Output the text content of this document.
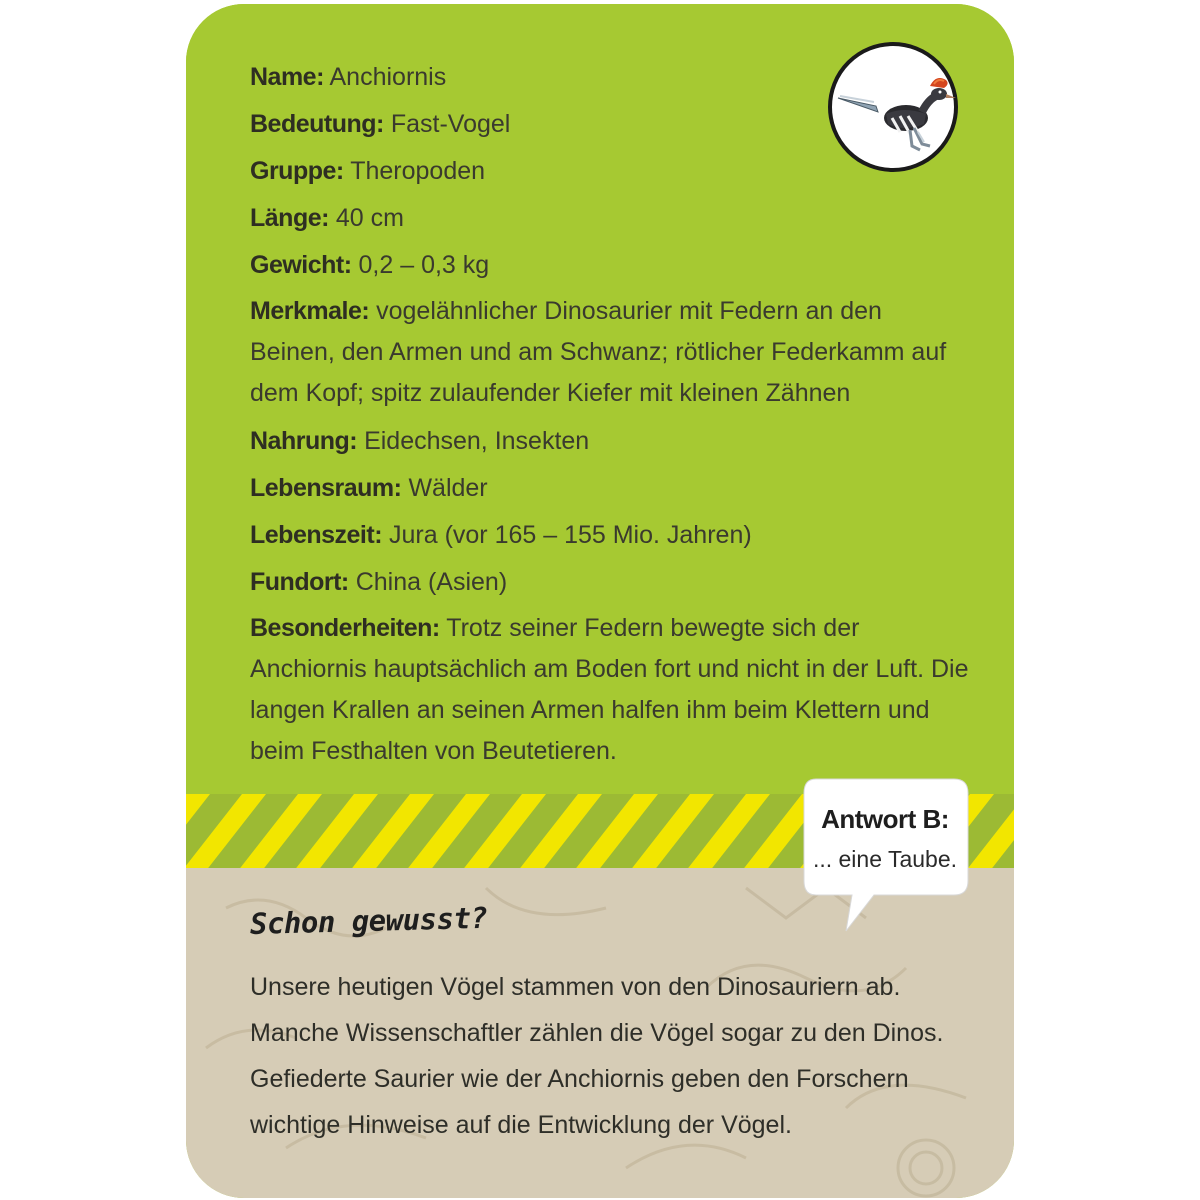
Name: Anchiornis
Bedeutung: Fast-Vogel
Gruppe: Theropoden
Länge: 40 cm
Gewicht: 0,2 – 0,3 kg
Merkmale: vogelähnlicher Dinosaurier mit Federn an den Beinen, den Armen und am Schwanz; rötlicher Federkamm auf dem Kopf; spitz zulaufender Kiefer mit kleinen Zähnen
Nahrung: Eidechsen, Insekten
Lebensraum: Wälder
Lebenszeit: Jura (vor 165 – 155 Mio. Jahren)
Fundort: China (Asien)
Besonderheiten: Trotz seiner Federn bewegte sich der Anchiornis hauptsächlich am Boden fort und nicht in der Luft. Die langen Krallen an seinen Armen halfen ihm beim Klettern und beim Festhalten von Beutetieren.
Antwort B:
... eine Taube.
Schon gewusst?

Unsere heutigen Vögel stammen von den Dinosauriern ab. Manche Wissenschaftler zählen die Vögel sogar zu den Dinos. Gefiederte Saurier wie der Anchiornis geben den Forschern wichtige Hinweise auf die Entwicklung der Vögel.
